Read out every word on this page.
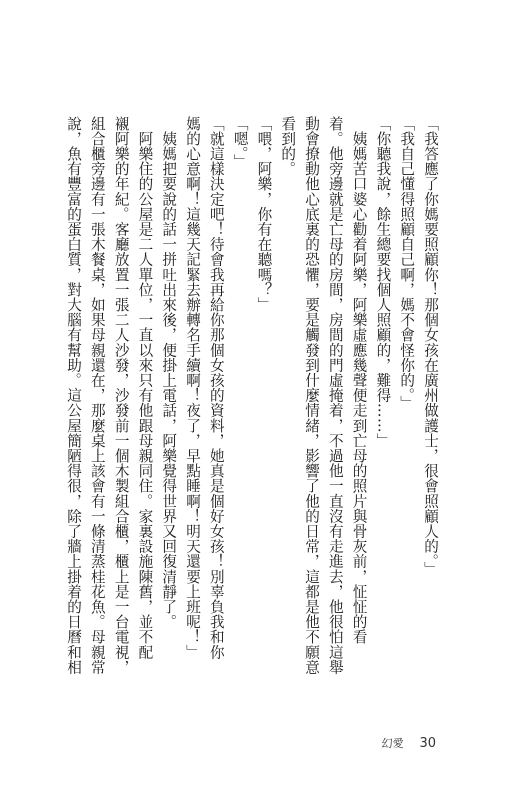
「我答應了你媽要照顧你！那個女孩在廣州做護士，很會照顧人的。」
「我自己懂得照顧自己啊，媽不會怪你的。」
「你聽我說，餘生總要找個人照顧的，難得……」
　姨媽苦口婆心勸着阿樂，阿樂虛應幾聲便走到亡母的照片與骨灰前，怔怔的看
着。他旁邊就是亡母的房間，房間的門虛掩着，不過他一直沒有走進去，他很怕這舉
動會撩動他心底裏的恐懼，要是觸發到什麼情緒，影響了他的日常，這都是他不願意
看到的。
「喂，阿樂，你有在聽嗎？」
「嗯。」
「就這樣決定吧！待會我再給你那個女孩的資料，她真是個好女孩！別辜負我和你
媽的心意啊！這幾天記緊去辦轉名手續啊！夜了，早點睡啊！明天還要上班呢！」
　姨媽把要說的話一拼吐出來後，便掛上電話，阿樂覺得世界又回復清靜了。
　阿樂住的公屋是二人單位，一直以來只有他跟母親同住。家裏設施陳舊，並不配
襯阿樂的年紀。客廳放置一張二人沙發，沙發前一個木製組合櫃，櫃上是一台電視，
組合櫃旁邊有一張木餐桌，如果母親還在，那麼桌上該會有一條清蒸桂花魚。母親常
說，魚有豐富的蛋白質，對大腦有幫助。這公屋簡陋得很，除了牆上掛着的日曆和相
幻愛 30
